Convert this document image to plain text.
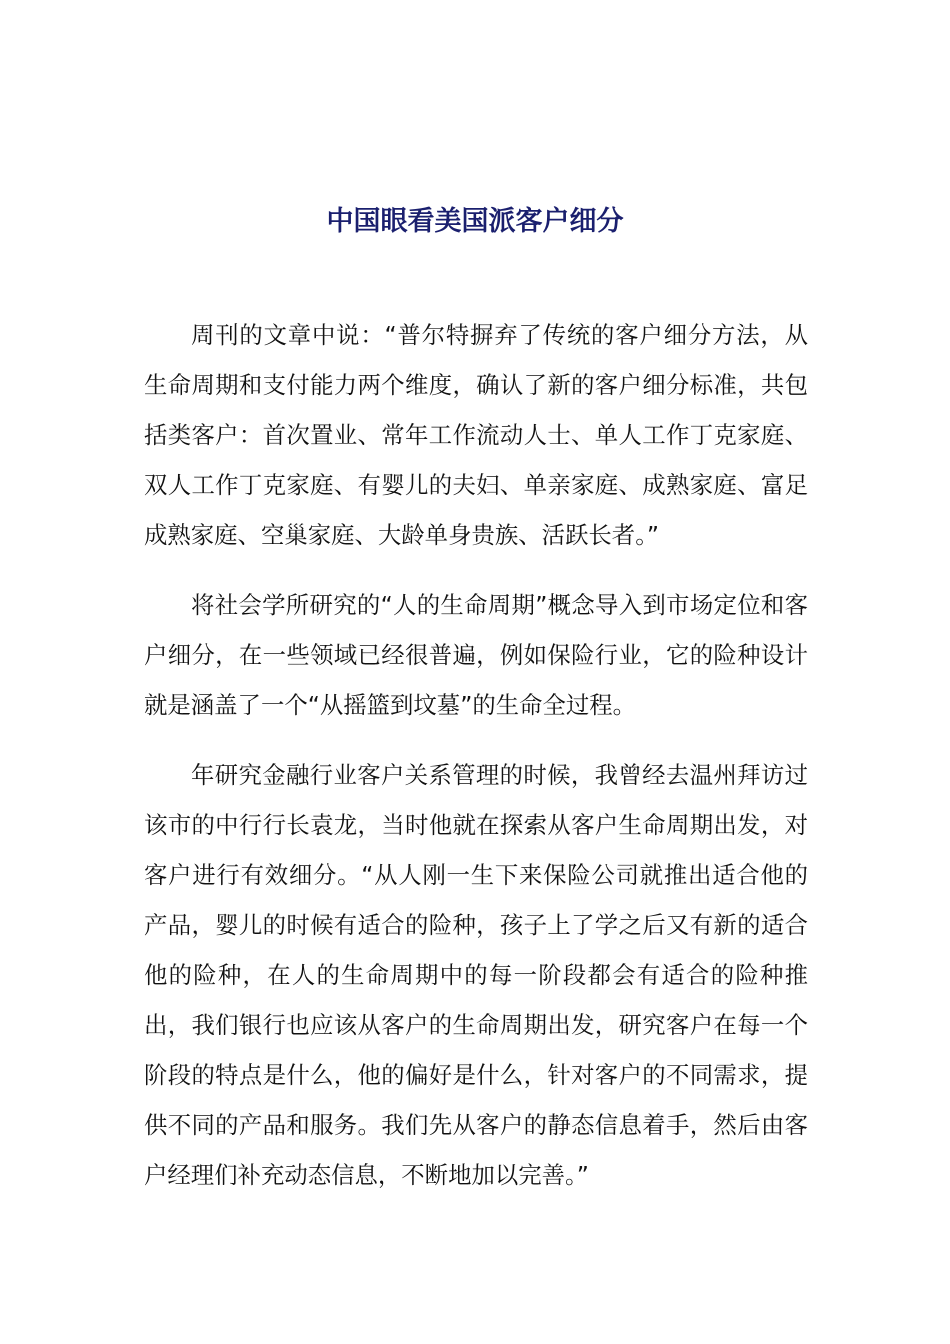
中国眼看美国派客户细分

周刊的文章中说：“普尔特摒弃了传统的客户细分方法，从生命周期和支付能力两个维度，确认了新的客户细分标准，共包括类客户：首次置业、常年工作流动人士、单人工作丁克家庭、双人工作丁克家庭、有婴儿的夫妇、单亲家庭、成熟家庭、富足成熟家庭、空巢家庭、大龄单身贵族、活跃长者。”

将社会学所研究的“人的生命周期”概念导入到市场定位和客户细分，在一些领域已经很普遍，例如保险行业，它的险种设计就是涵盖了一个“从摇篮到坟墓”的生命全过程。

年研究金融行业客户关系管理的时候，我曾经去温州拜访过该市的中行行长袁龙，当时他就在探索从客户生命周期出发，对客户进行有效细分。“从人刚一生下来保险公司就推出适合他的产品，婴儿的时候有适合的险种，孩子上了学之后又有新的适合他的险种，在人的生命周期中的每一阶段都会有适合的险种推出，我们银行也应该从客户的生命周期出发，研究客户在每一个阶段的特点是什么，他的偏好是什么，针对客户的不同需求，提供不同的产品和服务。我们先从客户的静态信息着手，然后由客户经理们补充动态信息，不断地加以完善。”
